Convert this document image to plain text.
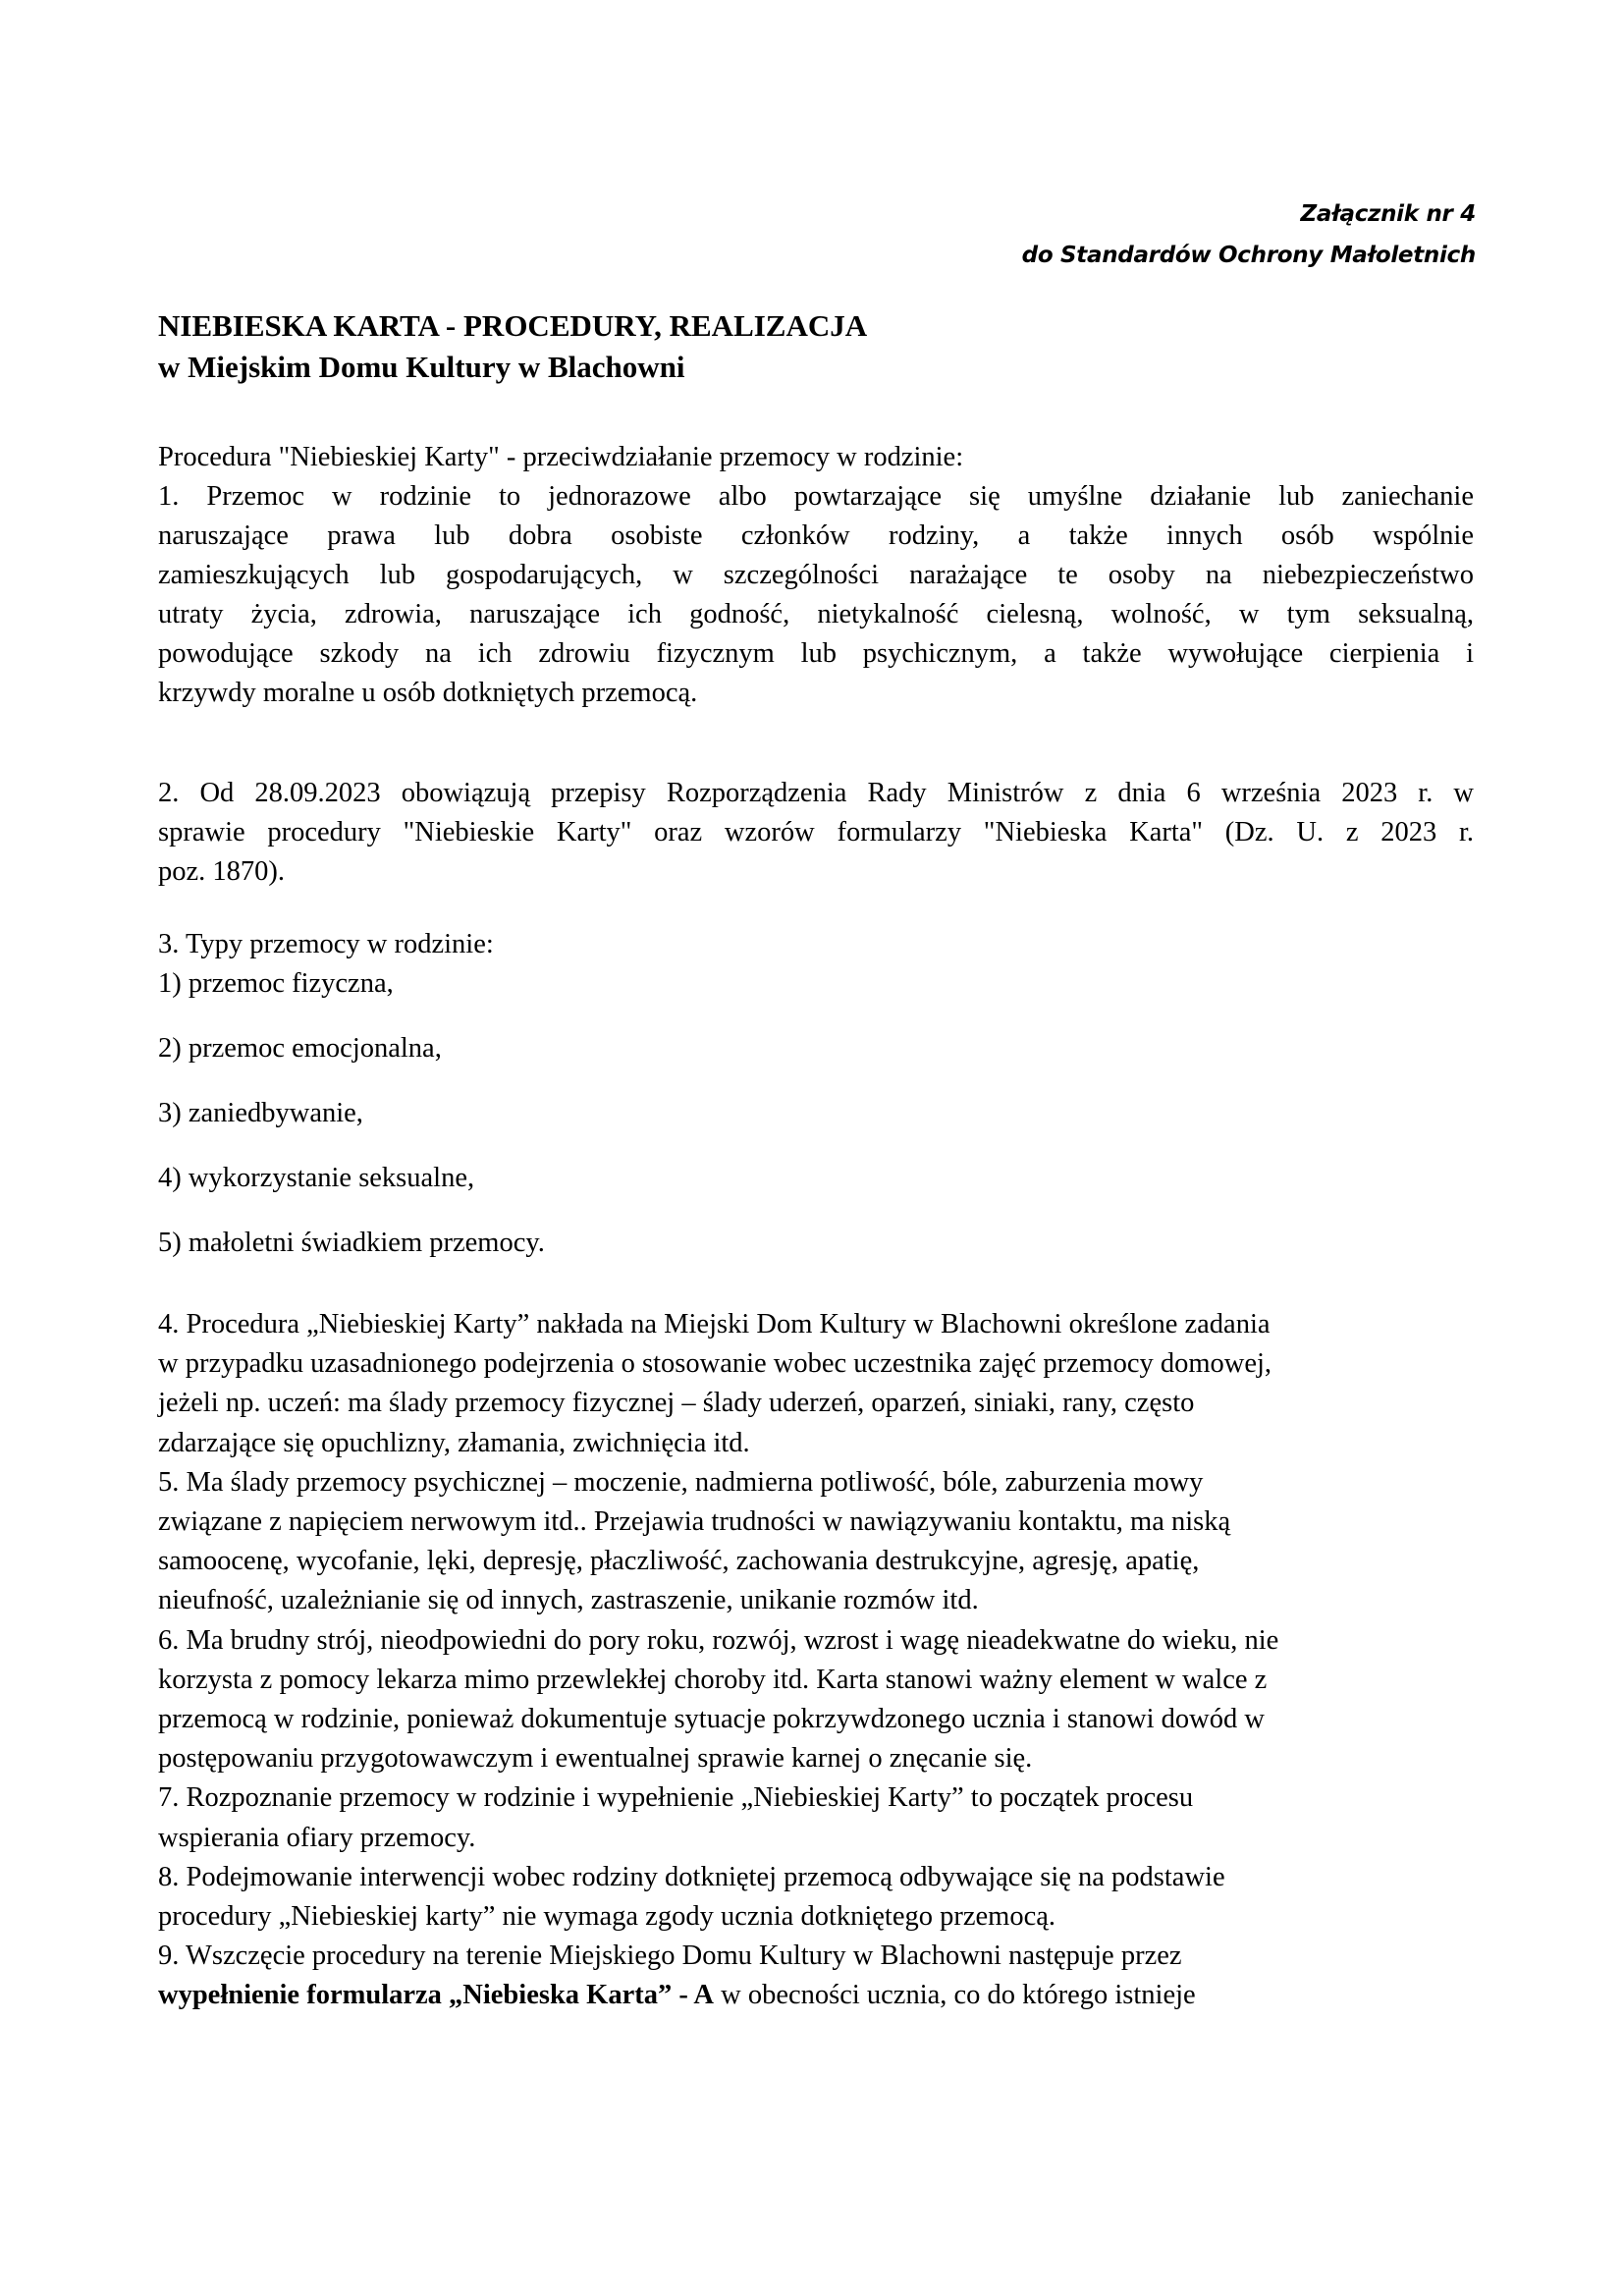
Załącznik nr 4
do Standardów Ochrony Małoletnich
NIEBIESKA KARTA - PROCEDURY, REALIZACJA
w Miejskim Domu Kultury w Blachowni
Procedura "Niebieskiej Karty" - przeciwdziałanie przemocy w rodzinie:
1. Przemoc w rodzinie to jednorazowe albo powtarzające się umyślne działanie lub zaniechanie
naruszające prawa lub dobra osobiste członków rodziny, a także innych osób wspólnie
zamieszkujących lub gospodarujących, w szczególności narażające te osoby na niebezpieczeństwo
utraty życia, zdrowia, naruszające ich godność, nietykalność cielesną, wolność, w tym seksualną,
powodujące szkody na ich zdrowiu fizycznym lub psychicznym, a także wywołujące cierpienia i
krzywdy moralne u osób dotkniętych przemocą.
2. Od 28.09.2023 obowiązują przepisy Rozporządzenia Rady Ministrów z dnia 6 września 2023 r. w
sprawie procedury "Niebieskie Karty" oraz wzorów formularzy "Niebieska Karta" (Dz. U. z 2023 r.
poz. 1870).
3. Typy przemocy w rodzinie:
1) przemoc fizyczna,
2) przemoc emocjonalna,
3) zaniedbywanie,
4) wykorzystanie seksualne,
5) małoletni świadkiem przemocy.
4. Procedura „Niebieskiej Karty” nakłada na Miejski Dom Kultury w Blachowni określone zadania
w przypadku uzasadnionego podejrzenia o stosowanie wobec uczestnika zajęć przemocy domowej,
jeżeli np. uczeń: ma ślady przemocy fizycznej – ślady uderzeń, oparzeń, siniaki, rany, często
zdarzające się opuchlizny, złamania, zwichnięcia itd.
5. Ma ślady przemocy psychicznej – moczenie, nadmierna potliwość, bóle, zaburzenia mowy
związane z napięciem nerwowym itd.. Przejawia trudności w nawiązywaniu kontaktu, ma niską
samoocenę, wycofanie, lęki, depresję, płaczliwość, zachowania destrukcyjne, agresję, apatię,
nieufność, uzależnianie się od innych, zastraszenie, unikanie rozmów itd.
6. Ma brudny strój, nieodpowiedni do pory roku, rozwój, wzrost i wagę nieadekwatne do wieku, nie
korzysta z pomocy lekarza mimo przewlekłej choroby itd. Karta stanowi ważny element w walce z
przemocą w rodzinie, ponieważ dokumentuje sytuacje pokrzywdzonego ucznia i stanowi dowód w
postępowaniu przygotowawczym i ewentualnej sprawie karnej o znęcanie się.
7. Rozpoznanie przemocy w rodzinie i wypełnienie „Niebieskiej Karty” to początek procesu
wspierania ofiary przemocy.
8. Podejmowanie interwencji wobec rodziny dotkniętej przemocą odbywające się na podstawie
procedury „Niebieskiej karty” nie wymaga zgody ucznia dotkniętego przemocą.
9. Wszczęcie procedury na terenie Miejskiego Domu Kultury w Blachowni następuje przez
wypełnienie formularza „Niebieska Karta” - A w obecności ucznia, co do którego istnieje
